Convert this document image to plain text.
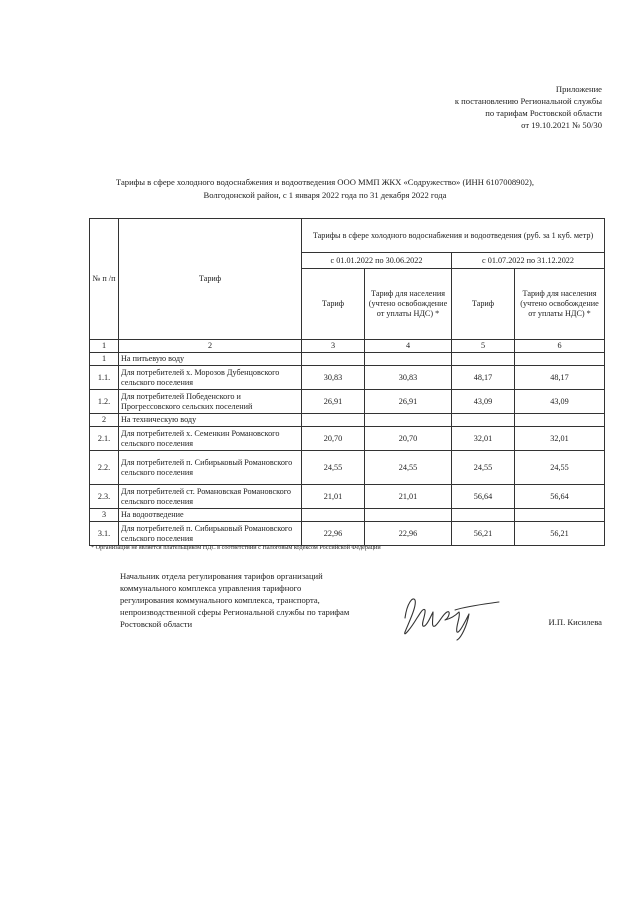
Приложение
к постановлению Региональной службы
по тарифам Ростовской области
от 19.10.2021 № 50/30
Тарифы в сфере холодного водоснабжения и водоотведения ООО ММП ЖКХ «Содружество» (ИНН 6107008902),
Волгодонской район, с 1 января 2022 года по 31 декабря 2022 года
№ п /п	Тариф	Тарифы в сфере холодного водоснабжения и водоотведения (руб. за 1 куб. метр)			
		с 01.01.2022 по 30.06.2022		с 01.07.2022 по 31.12.2022	
		Тариф	Тариф для населения (учтено освобождение от уплаты НДС) *	Тариф	Тариф для населения (учтено освобождение от уплаты НДС) *
1	2	3	4	5	6
1	На питьевую воду				
1.1.	Для потребителей х. Морозов Дубенцовского сельского поселения	30,83	30,83	48,17	48,17
1.2.	Для потребителей Победенского и Прогрессовского сельских поселений	26,91	26,91	43,09	43,09
2	На техническую воду				
2.1.	Для потребителей х. Семенкин Романовского сельского поселения	20,70	20,70	32,01	32,01
2.2.	Для потребителей п. Сибирьковый Романовского сельского поселения	24,55	24,55	24,55	24,55
2.3.	Для потребителей ст. Романовская Романовского сельского поселения	21,01	21,01	56,64	56,64
3	На водоотведение				
3.1.	Для потребителей п. Сибирьковый Романовского сельского поселения	22,96	22,96	56,21	56,21
* Организация не является плательщиком НДС в соответствии с Налоговым кодексом Российской Федерации
Начальник отдела регулирования тарифов организаций коммунального комплекса управления тарифного регулирования коммунального комплекса, транспорта, непроизводственной сферы Региональной службы по тарифам Ростовской области	И.П. Кисилева
